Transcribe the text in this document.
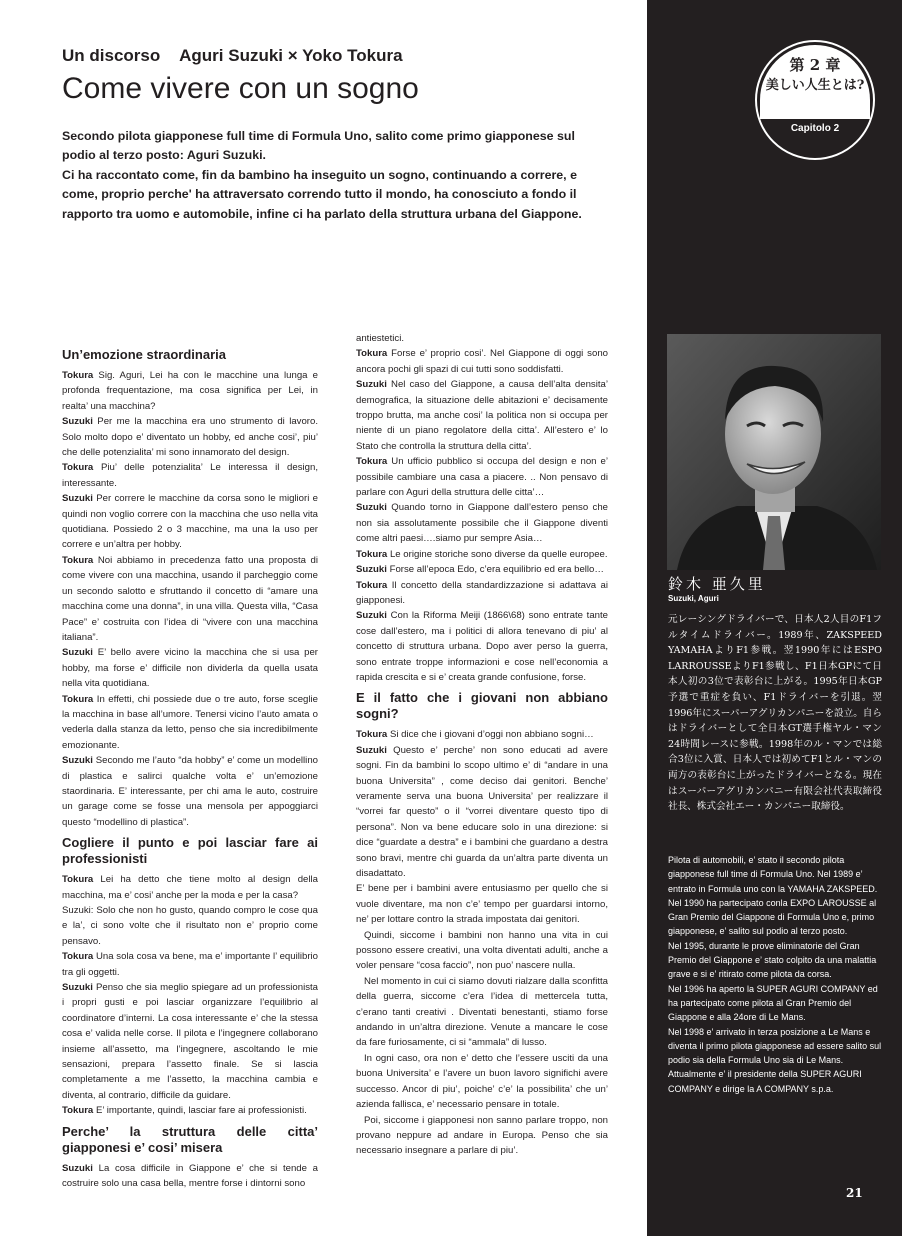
第 2 章
美しい人生とは?
Capitolo 2
Un discorso    Aguri Suzuki × Yoko Tokura
Come vivere con un sogno

Secondo pilota giapponese full time di Formula Uno, salito come primo giapponese sul podio al terzo posto: Aguri Suzuki.

Ci ha raccontato come, fin da bambino ha inseguito un sogno, continuando a correre, e come, proprio perche' ha attraversato correndo tutto il mondo, ha conosciuto a fondo il rapporto tra uomo e automobile, infine ci ha parlato della struttura urbana del Giappone.

Un’emozione straordinaria

Tokura Sig. Aguri, Lei ha con le macchine una lunga e profonda frequentazione, ma cosa significa per Lei, in realta’ una macchina?

Suzuki Per me la macchina era uno strumento di lavoro. Solo molto dopo e’ diventato un hobby, ed anche cosi’, piu’ che delle potenzialita’ mi sono innamorato del design.

Tokura Piu’ delle potenzialita’ Le interessa il design, interessante.

Suzuki Per correre le macchine da corsa sono le migliori e quindi non voglio correre con la macchina che uso nella vita quotidiana. Possiedo 2 o 3 macchine, ma una la uso per correre e un’altra per hobby.

Tokura Noi abbiamo in precedenza fatto una proposta di come vivere con una macchina, usando il parcheggio come un secondo salotto e sfruttando il concetto di “amare una macchina come una donna”, in una villa. Questa villa, “Casa Pace” e’ costruita con l’idea di “vivere con una macchina italiana”.

Suzuki E’ bello avere vicino la macchina che si usa per hobby, ma forse e’ difficile non dividerla da quella usata nella vita quotidiana.

Tokura In effetti, chi possiede due o tre auto, forse sceglie la macchina in base all’umore. Tenersi vicino l’auto amata o vederla dalla stanza da letto, penso che sia incredibilmente emozionante.

Suzuki Secondo me l’auto “da hobby” e’ come un modellino di plastica e salirci qualche volta e’ un’emozione staordinaria. E’ interessante, per chi ama le auto, costruire un garage come se fosse una mensola per appoggiarci questo “modellino di plastica”.

Cogliere il punto e poi lasciar fare ai professionisti

Tokura Lei ha detto che tiene molto al design della macchina, ma e’ cosi’ anche per la moda e per la casa?

Suzuki: Solo che non ho gusto, quando compro le cose qua e la’, ci sono volte che il risultato non e’ proprio come pensavo.

Tokura Una sola cosa va bene, ma e’ importante l’ equilibrio tra gli oggetti.

Suzuki Penso che sia meglio spiegare ad un professionista i propri gusti e poi lasciar organizzare l’equilibrio al coordinatore d’interni. La cosa interessante e’ che la stessa cosa e’ valida nelle corse. Il pilota e l’ingegnere collaborano insieme all’assetto, ma l’ingegnere, ascoltando le mie sensazioni, prepara l’assetto finale. Se si lascia completamente a me l’assetto, la macchina cambia e diventa, al contrario, difficile da guidare.

Tokura E’ importante, quindi, lasciar fare ai professionisti.

Perche’ la struttura delle citta’ giapponesi e’ cosi’ misera

Suzuki La cosa difficile in Giappone e’ che si tende a costruire solo una casa bella, mentre forse i dintorni sono

antiestetici.

Tokura Forse e’ proprio cosi’. Nel Giappone di oggi sono ancora pochi gli spazi di cui tutti sono soddisfatti.

Suzuki Nel caso del Giappone, a causa dell’alta densita’ demografica, la situazione delle abitazioni e’ decisamente troppo brutta, ma anche cosi’ la politica non si occupa per niente di un piano regolatore della citta’. All’estero e’ lo Stato che controlla la struttura della citta’.

Tokura Un ufficio pubblico si occupa del design e non e’ possibile cambiare una casa a piacere. .. Non pensavo di parlare con Aguri della struttura delle citta’…

Suzuki Quando torno in Giappone dall’estero penso che non sia assolutamente possibile che il Giappone diventi come altri paesi….siamo pur sempre Asia…

Tokura Le origine storiche sono diverse da quelle europee.

Suzuki Forse all’epoca Edo, c’era equilibrio ed era bello…

Tokura Il concetto della standardizzazione si adattava ai giapponesi.

Suzuki Con la Riforma Meiji (1866\68) sono entrate tante cose dall’estero, ma i politici di allora tenevano di piu’ al concetto di struttura urbana. Dopo aver perso la guerra, sono entrate troppe informazioni e cose nell’economia a rapida crescita e si e’ creata grande confusione, forse.

E il fatto che i giovani non abbiano sogni?

Tokura Si dice che i giovani d’oggi non abbiano sogni…

Suzuki Questo e’ perche’ non sono educati ad avere sogni. Fin da bambini lo scopo ultimo e’ di “andare in una buona Universita” , come deciso dai genitori. Benche’ veramente serva una buona Universita’ per realizzare il “vorrei far questo” o il “vorrei diventare questo tipo di persona”. Non va bene educare solo in una direzione: si dice “guardate a destra” e i bambini che guardano a destra sono bravi, mentre chi guarda da un’altra parte diventa un disadattato.

E’ bene per i bambini avere entusiasmo per quello che si vuole diventare, ma non c’e’ tempo per guardarsi intorno, ne’ per lottare contro la strada impostata dai genitori.

Quindi, siccome i bambini non hanno una vita in cui possono essere creativi, una volta diventati adulti, anche a voler pensare “cosa faccio”, non puo’ nascere nulla.

Nel momento in cui ci siamo dovuti rialzare dalla sconfitta della guerra, siccome c’era l’idea di mettercela tutta, c’erano tanti creativi . Diventati benestanti, stiamo forse andando in un’altra direzione. Venute a mancare le cose da fare furiosamente, ci si “ammala” di lusso.

In ogni caso, ora non e’ detto che l’essere usciti da una buona Universita’ e l’avere un buon lavoro significhi avere successo. Ancor di piu’, poiche’ c’e’ la possibilita’ che un’ azienda fallisca, e’ necessario pensare in totale.

Poi, siccome i giapponesi non sanno parlare troppo, non provano neppure ad andare in Europa. Penso che sia necessario insegnare a parlare di piu’.

鈴木 亜久里
Suzuki, Aguri
元レーシングドライバーで、日本人2人目のF1フルタイムドライバー。1989年、ZAKSPEED YAMAHAよりF1参戦。翌1990年にはESPO LARROUSSEよりF1参戦し、F1日本GPにて日本人初の3位で表彰台に上がる。1995年日本GP予選で重症を負い、F1ドライバーを引退。翌1996年にスーパーアグリカンパニーを設立。自らはドライバーとして全日本GT選手権ヤル・マン24時間レースに参戦。1998年のル・マンでは総合3位に入賞、日本人では初めてF1とル・マンの両方の表彰台に上がったドライバーとなる。現在はスーパーアグリカンパニー有限会社代表取締役社長、株式会社エー・カンパニー取締役。

Pilota di automobili, e’ stato il secondo pilota giapponese full time di Formula Uno. Nel 1989 e’ entrato in Formula uno con la YAMAHA ZAKSPEED. Nel 1990 ha partecipato conla EXPO LAROUSSE al Gran Premio del Giappone di Formula Uno e, primo giapponese, e’ salito sul podio al terzo posto.

Nel 1995, durante le prove eliminatorie del Gran Premio del Giappone e’ stato colpito da una malattia grave e si e’ ritirato come pilota da corsa.

Nel 1996 ha aperto la SUPER AGURI COMPANY ed ha partecipato come pilota al Gran Premio del Giappone e alla 24ore di Le Mans.

Nel 1998 e’ arrivato in terza posizione a Le Mans e diventa il primo pilota giapponese ad essere salito sul podio sia della Formula Uno sia di Le Mans. Attualmente e’ il presidente della SUPER AGURI COMPANY e dirige la A COMPANY s.p.a.

21
